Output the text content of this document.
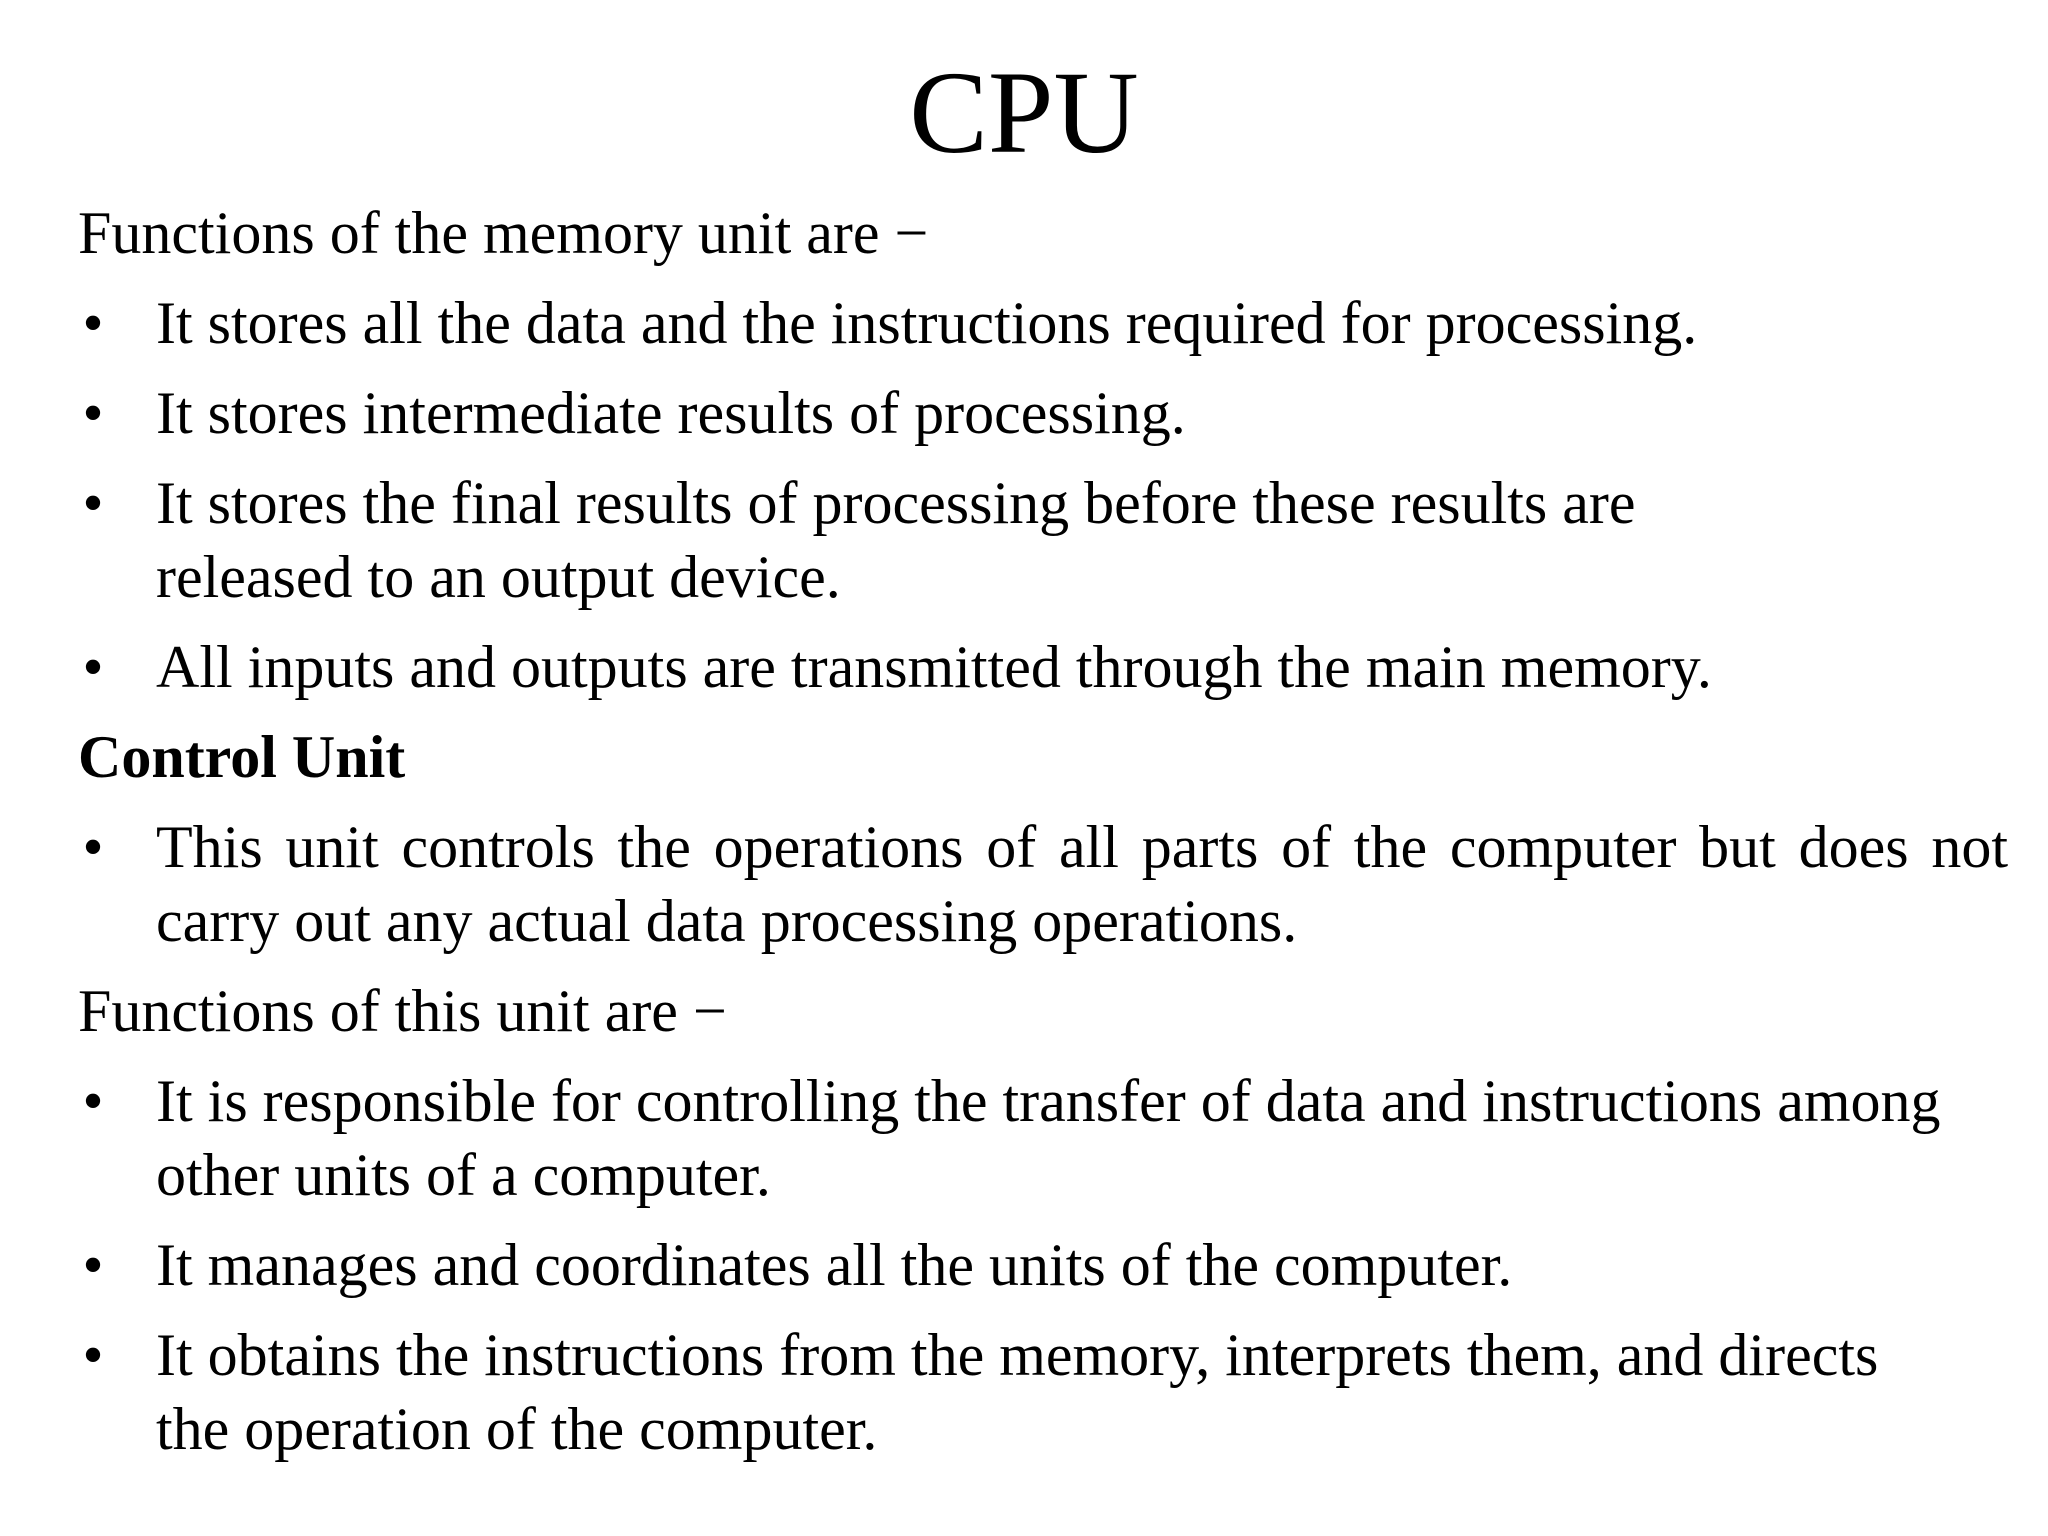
CPU

Functions of the memory unit are −

• It stores all the data and the instructions required for processing.
• It stores intermediate results of processing.
• It stores the final results of processing before these results are released to an output device.
• All inputs and outputs are transmitted through the main memory.

Control Unit

• This unit controls the operations of all parts of the computer but does not carry out any actual data processing operations.

Functions of this unit are −

• It is responsible for controlling the transfer of data and instructions among other units of a computer.
• It manages and coordinates all the units of the computer.
• It obtains the instructions from the memory, interprets them, and directs the operation of the computer.
